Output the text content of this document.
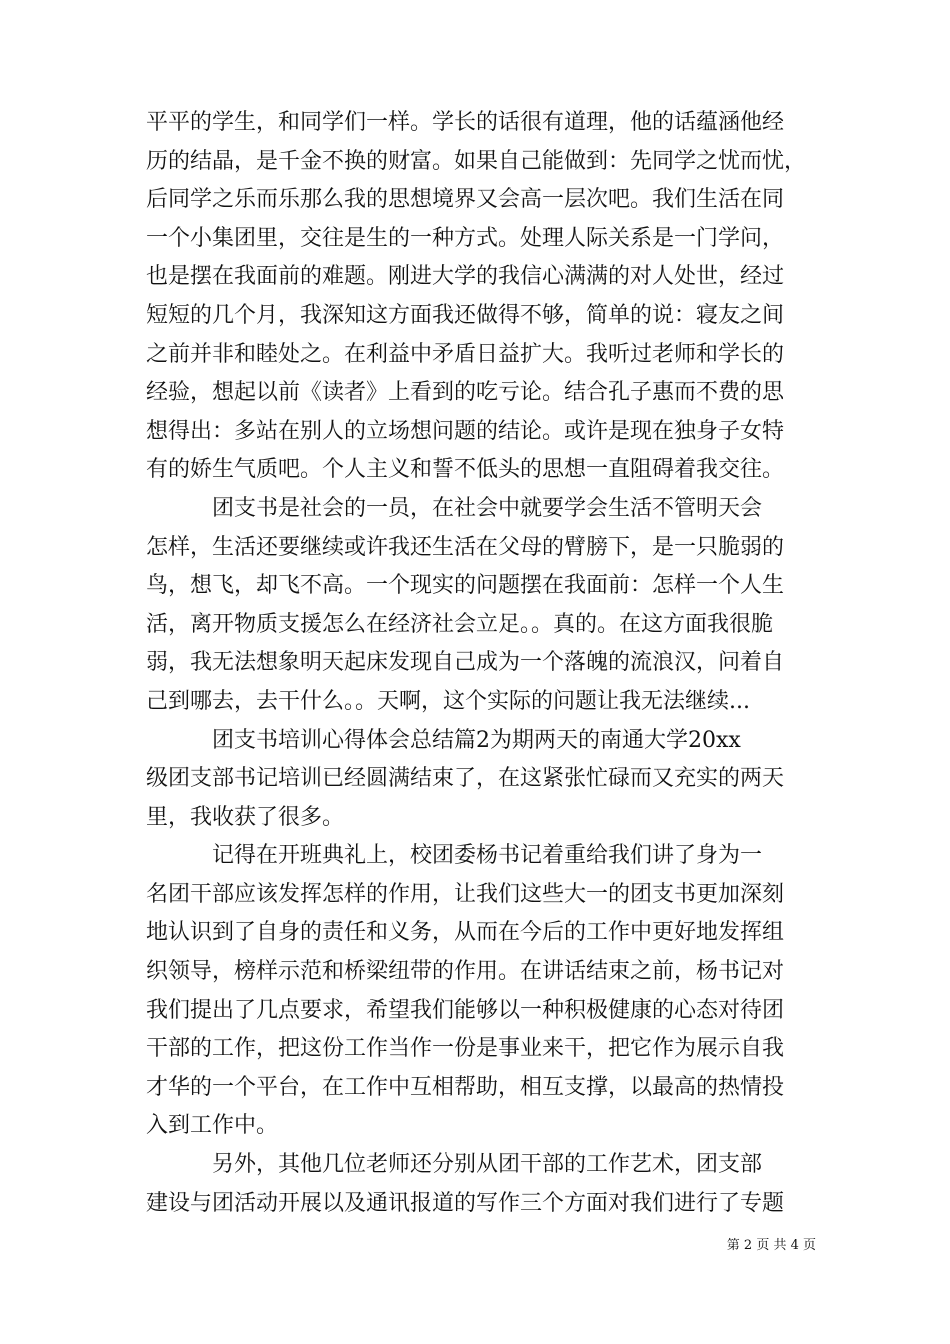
平平的学生，和同学们一样。学长的话很有道理，他的话蕴涵他经
历的结晶，是千金不换的财富。如果自己能做到：先同学之忧而忧，
后同学之乐而乐那么我的思想境界又会高一层次吧。我们生活在同
一个小集团里，交往是生的一种方式。处理人际关系是一门学问，
也是摆在我面前的难题。刚进大学的我信心满满的对人处世，经过
短短的几个月，我深知这方面我还做得不够，简单的说：寝友之间
之前并非和睦处之。在利益中矛盾日益扩大。我听过老师和学长的
经验，想起以前《读者》上看到的吃亏论。结合孔子惠而不费的思
想得出：多站在别人的立场想问题的结论。或许是现在独身子女特
有的娇生气质吧。个人主义和誓不低头的思想一直阻碍着我交往。
　　　团支书是社会的一员，在社会中就要学会生活不管明天会
怎样，生活还要继续或许我还生活在父母的臂膀下，是一只脆弱的
鸟，想飞，却飞不高。一个现实的问题摆在我面前：怎样一个人生
活，离开物质支援怎么在经济社会立足。。真的。在这方面我很脆
弱，我无法想象明天起床发现自己成为一个落魄的流浪汉，问着自
己到哪去，去干什么。。天啊，这个实际的问题让我无法继续...
　　　团支书培训心得体会总结篇2为期两天的南通大学20xx
级团支部书记培训已经圆满结束了，在这紧张忙碌而又充实的两天
里，我收获了很多。
　　　记得在开班典礼上，校团委杨书记着重给我们讲了身为一
名团干部应该发挥怎样的作用，让我们这些大一的团支书更加深刻
地认识到了自身的责任和义务，从而在今后的工作中更好地发挥组
织领导，榜样示范和桥梁纽带的作用。在讲话结束之前，杨书记对
我们提出了几点要求，希望我们能够以一种积极健康的心态对待团
干部的工作，把这份工作当作一份是事业来干，把它作为展示自我
才华的一个平台，在工作中互相帮助，相互支撑，以最高的热情投
入到工作中。
　　　另外，其他几位老师还分别从团干部的工作艺术，团支部
建设与团活动开展以及通讯报道的写作三个方面对我们进行了专题
第 2 页 共 4 页
